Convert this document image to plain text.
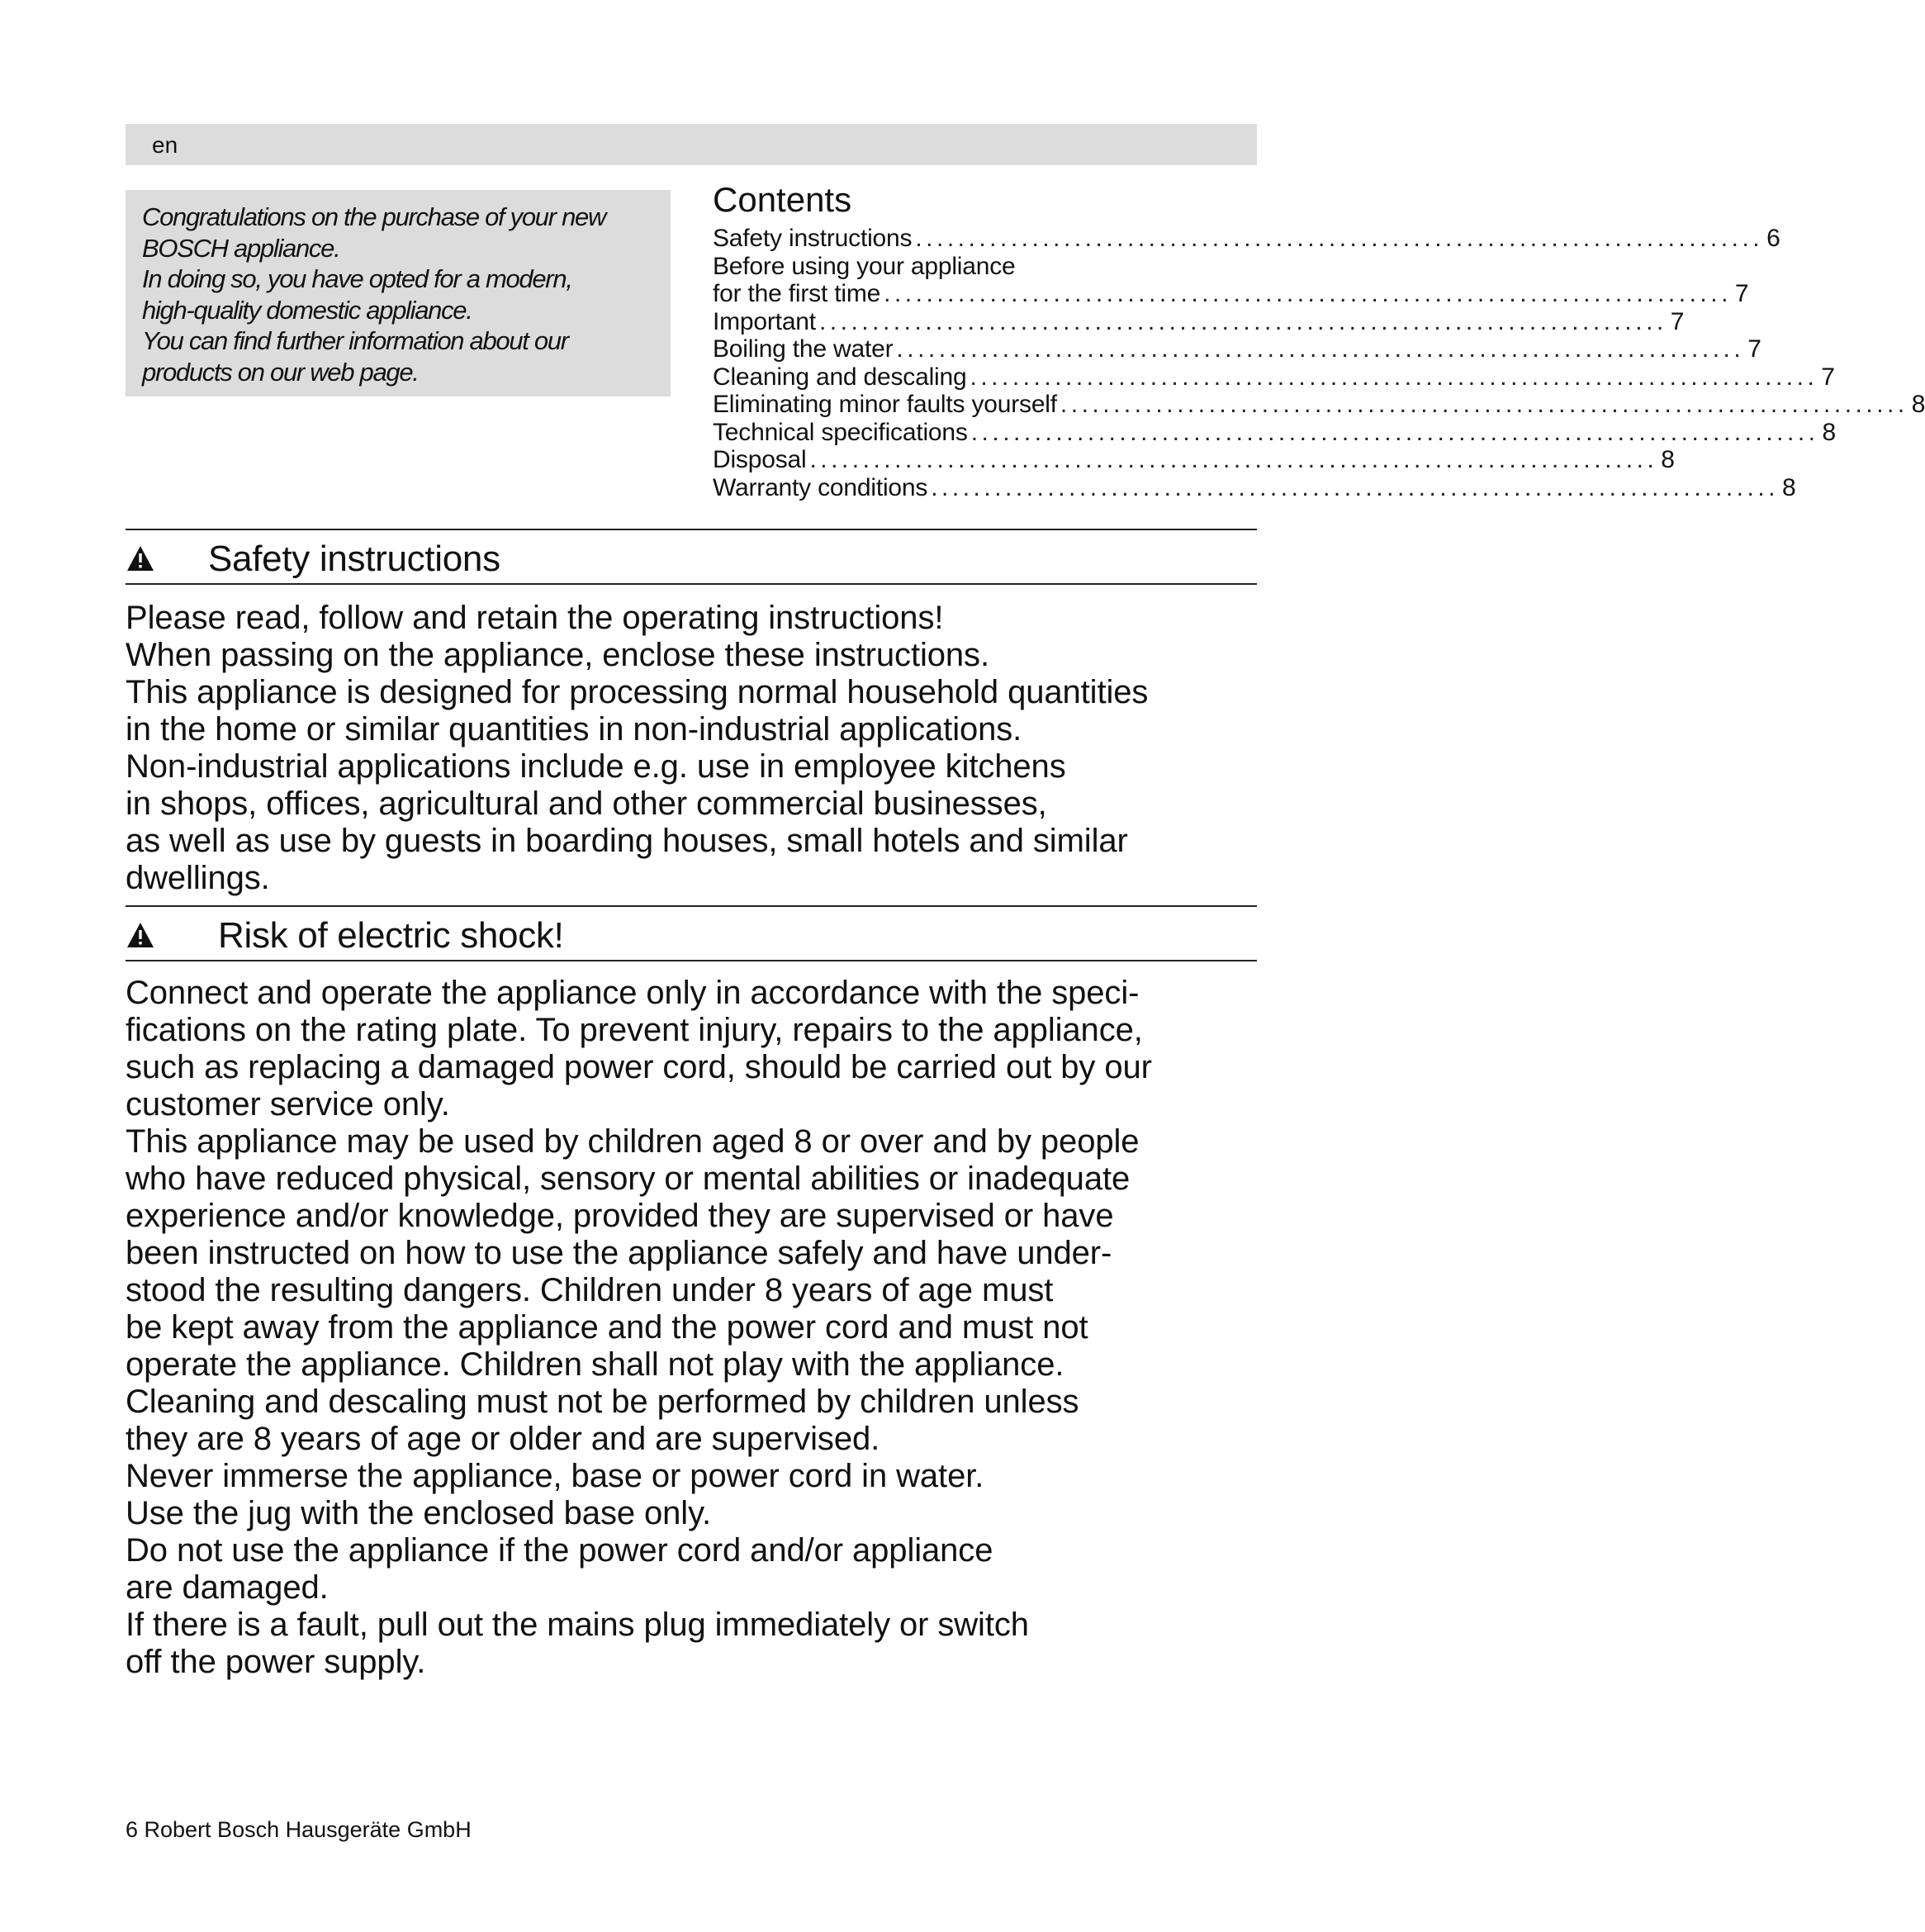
en

Congratulations on the purchase of your new
BOSCH appliance.
In doing so, you have opted for a modern,
high-quality domestic appliance.
You can find further information about our
products on our web page.

Contents
Safety instructions ................................................................................ 6
Before using your appliance
for the first time ................................................................................ 7
Important ................................................................................ 7
Boiling the water ................................................................................ 7
Cleaning and descaling ................................................................................ 7
Eliminating minor faults yourself ................................................................................ 8
Technical specifications ................................................................................ 8
Disposal ................................................................................ 8
Warranty conditions ................................................................................ 8
Safety instructions
Please read, follow and retain the operating instructions!
When passing on the appliance, enclose these instructions.
This appliance is designed for processing normal household quantities
in the home or similar quantities in non-industrial applications.
Non-industrial applications include e.g. use in employee kitchens
in shops, offices, agricultural and other commercial businesses,
as well as use by guests in boarding houses, small hotels and similar
dwellings.
Risk of electric shock!
Connect and operate the appliance only in accordance with the speci-
fications on the rating plate. To prevent injury, repairs to the appliance,
such as replacing a damaged power cord, should be carried out by our
customer service only.
This appliance may be used by children aged 8 or over and by people
who have reduced physical, sensory or mental abilities or inadequate
experience and/or knowledge, provided they are supervised or have
been instructed on how to use the appliance safely and have under-
stood the resulting dangers. Children under 8 years of age must
be kept away from the appliance and the power cord and must not
operate the appliance. Children shall not play with the appliance.
Cleaning and descaling must not be performed by children unless
they are 8 years of age or older and are supervised.
Never immerse the appliance, base or power cord in water.
Use the jug with the enclosed base only.
Do not use the appliance if the power cord and/or appliance
are damaged.
If there is a fault, pull out the mains plug immediately or switch
off the power supply.
6 Robert Bosch Hausgeräte GmbH
